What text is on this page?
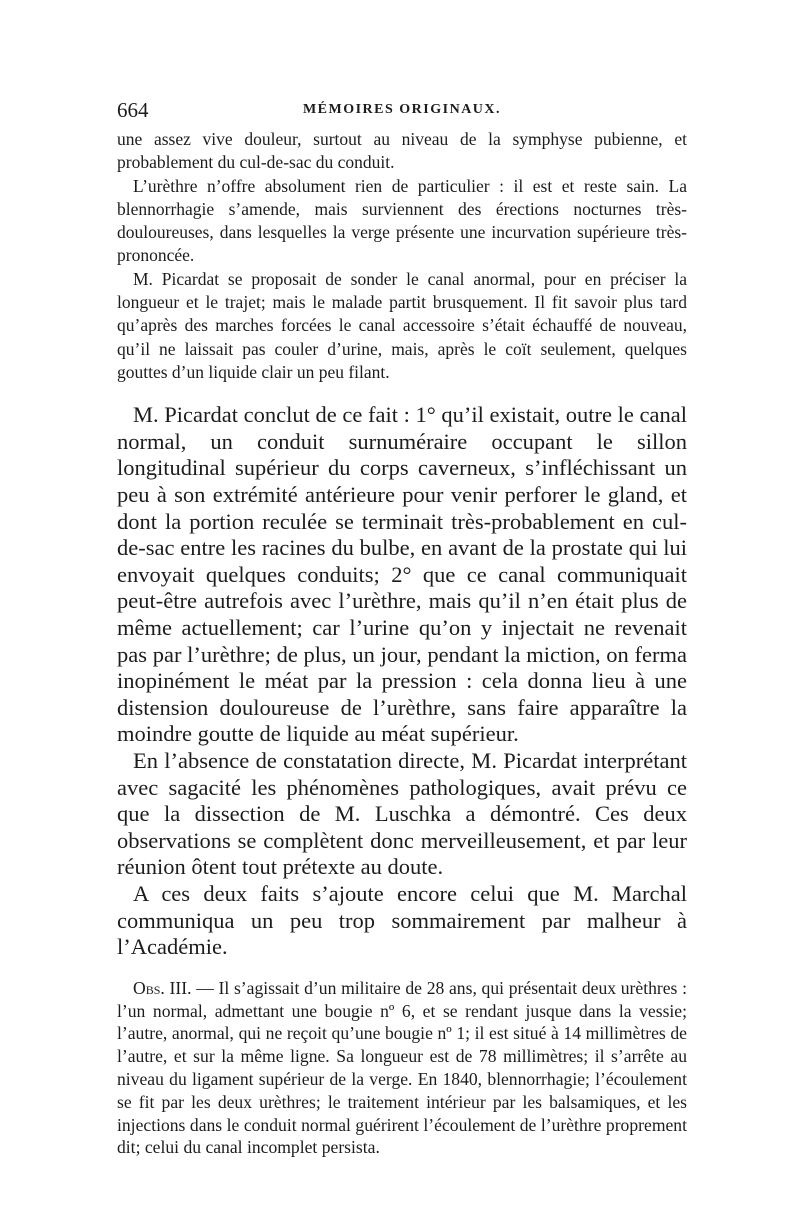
664	MÉMOIRES ORIGINAUX.

une assez vive douleur, surtout au niveau de la symphyse pubienne, et probablement du cul-de-sac du conduit.

L’urèthre n’offre absolument rien de particulier : il est et reste sain. La blennorrhagie s’amende, mais surviennent des érections nocturnes très-douloureuses, dans lesquelles la verge présente une incurvation supérieure très-prononcée.

M. Picardat se proposait de sonder le canal anormal, pour en préciser la longueur et le trajet; mais le malade partit brusquement. Il fit savoir plus tard qu’après des marches forcées le canal accessoire s’était échauffé de nouveau, qu’il ne laissait pas couler d’urine, mais, après le coït seulement, quelques gouttes d’un liquide clair un peu filant.

M. Picardat conclut de ce fait : 1° qu’il existait, outre le canal normal, un conduit surnuméraire occupant le sillon longitudinal supérieur du corps caverneux, s’infléchissant un peu à son extrémité antérieure pour venir perforer le gland, et dont la portion reculée se terminait très-probablement en cul-de-sac entre les racines du bulbe, en avant de la prostate qui lui envoyait quelques conduits; 2° que ce canal communiquait peut-être autrefois avec l’urèthre, mais qu’il n’en était plus de même actuellement; car l’urine qu’on y injectait ne revenait pas par l’urèthre; de plus, un jour, pendant la miction, on ferma inopinément le méat par la pression : cela donna lieu à une distension douloureuse de l’urèthre, sans faire apparaître la moindre goutte de liquide au méat supérieur.

En l’absence de constatation directe, M. Picardat interprétant avec sagacité les phénomènes pathologiques, avait prévu ce que la dissection de M. Luschka a démontré. Ces deux observations se complètent donc merveilleusement, et par leur réunion ôtent tout prétexte au doute.

A ces deux faits s’ajoute encore celui que M. Marchal communiqua un peu trop sommairement par malheur à l’Académie.

Obs. III. — Il s’agissait d’un militaire de 28 ans, qui présentait deux urèthres : l’un normal, admettant une bougie nº 6, et se rendant jusque dans la vessie; l’autre, anormal, qui ne reçoit qu’une bougie nº 1; il est situé à 14 millimètres de l’autre, et sur la même ligne. Sa longueur est de 78 millimètres; il s’arrête au niveau du ligament supérieur de la verge. En 1840, blennorrhagie; l’écoulement se fit par les deux urèthres; le traitement intérieur par les balsamiques, et les injections dans le conduit normal guérirent l’écoulement de l’urèthre proprement dit; celui du canal incomplet persista.
